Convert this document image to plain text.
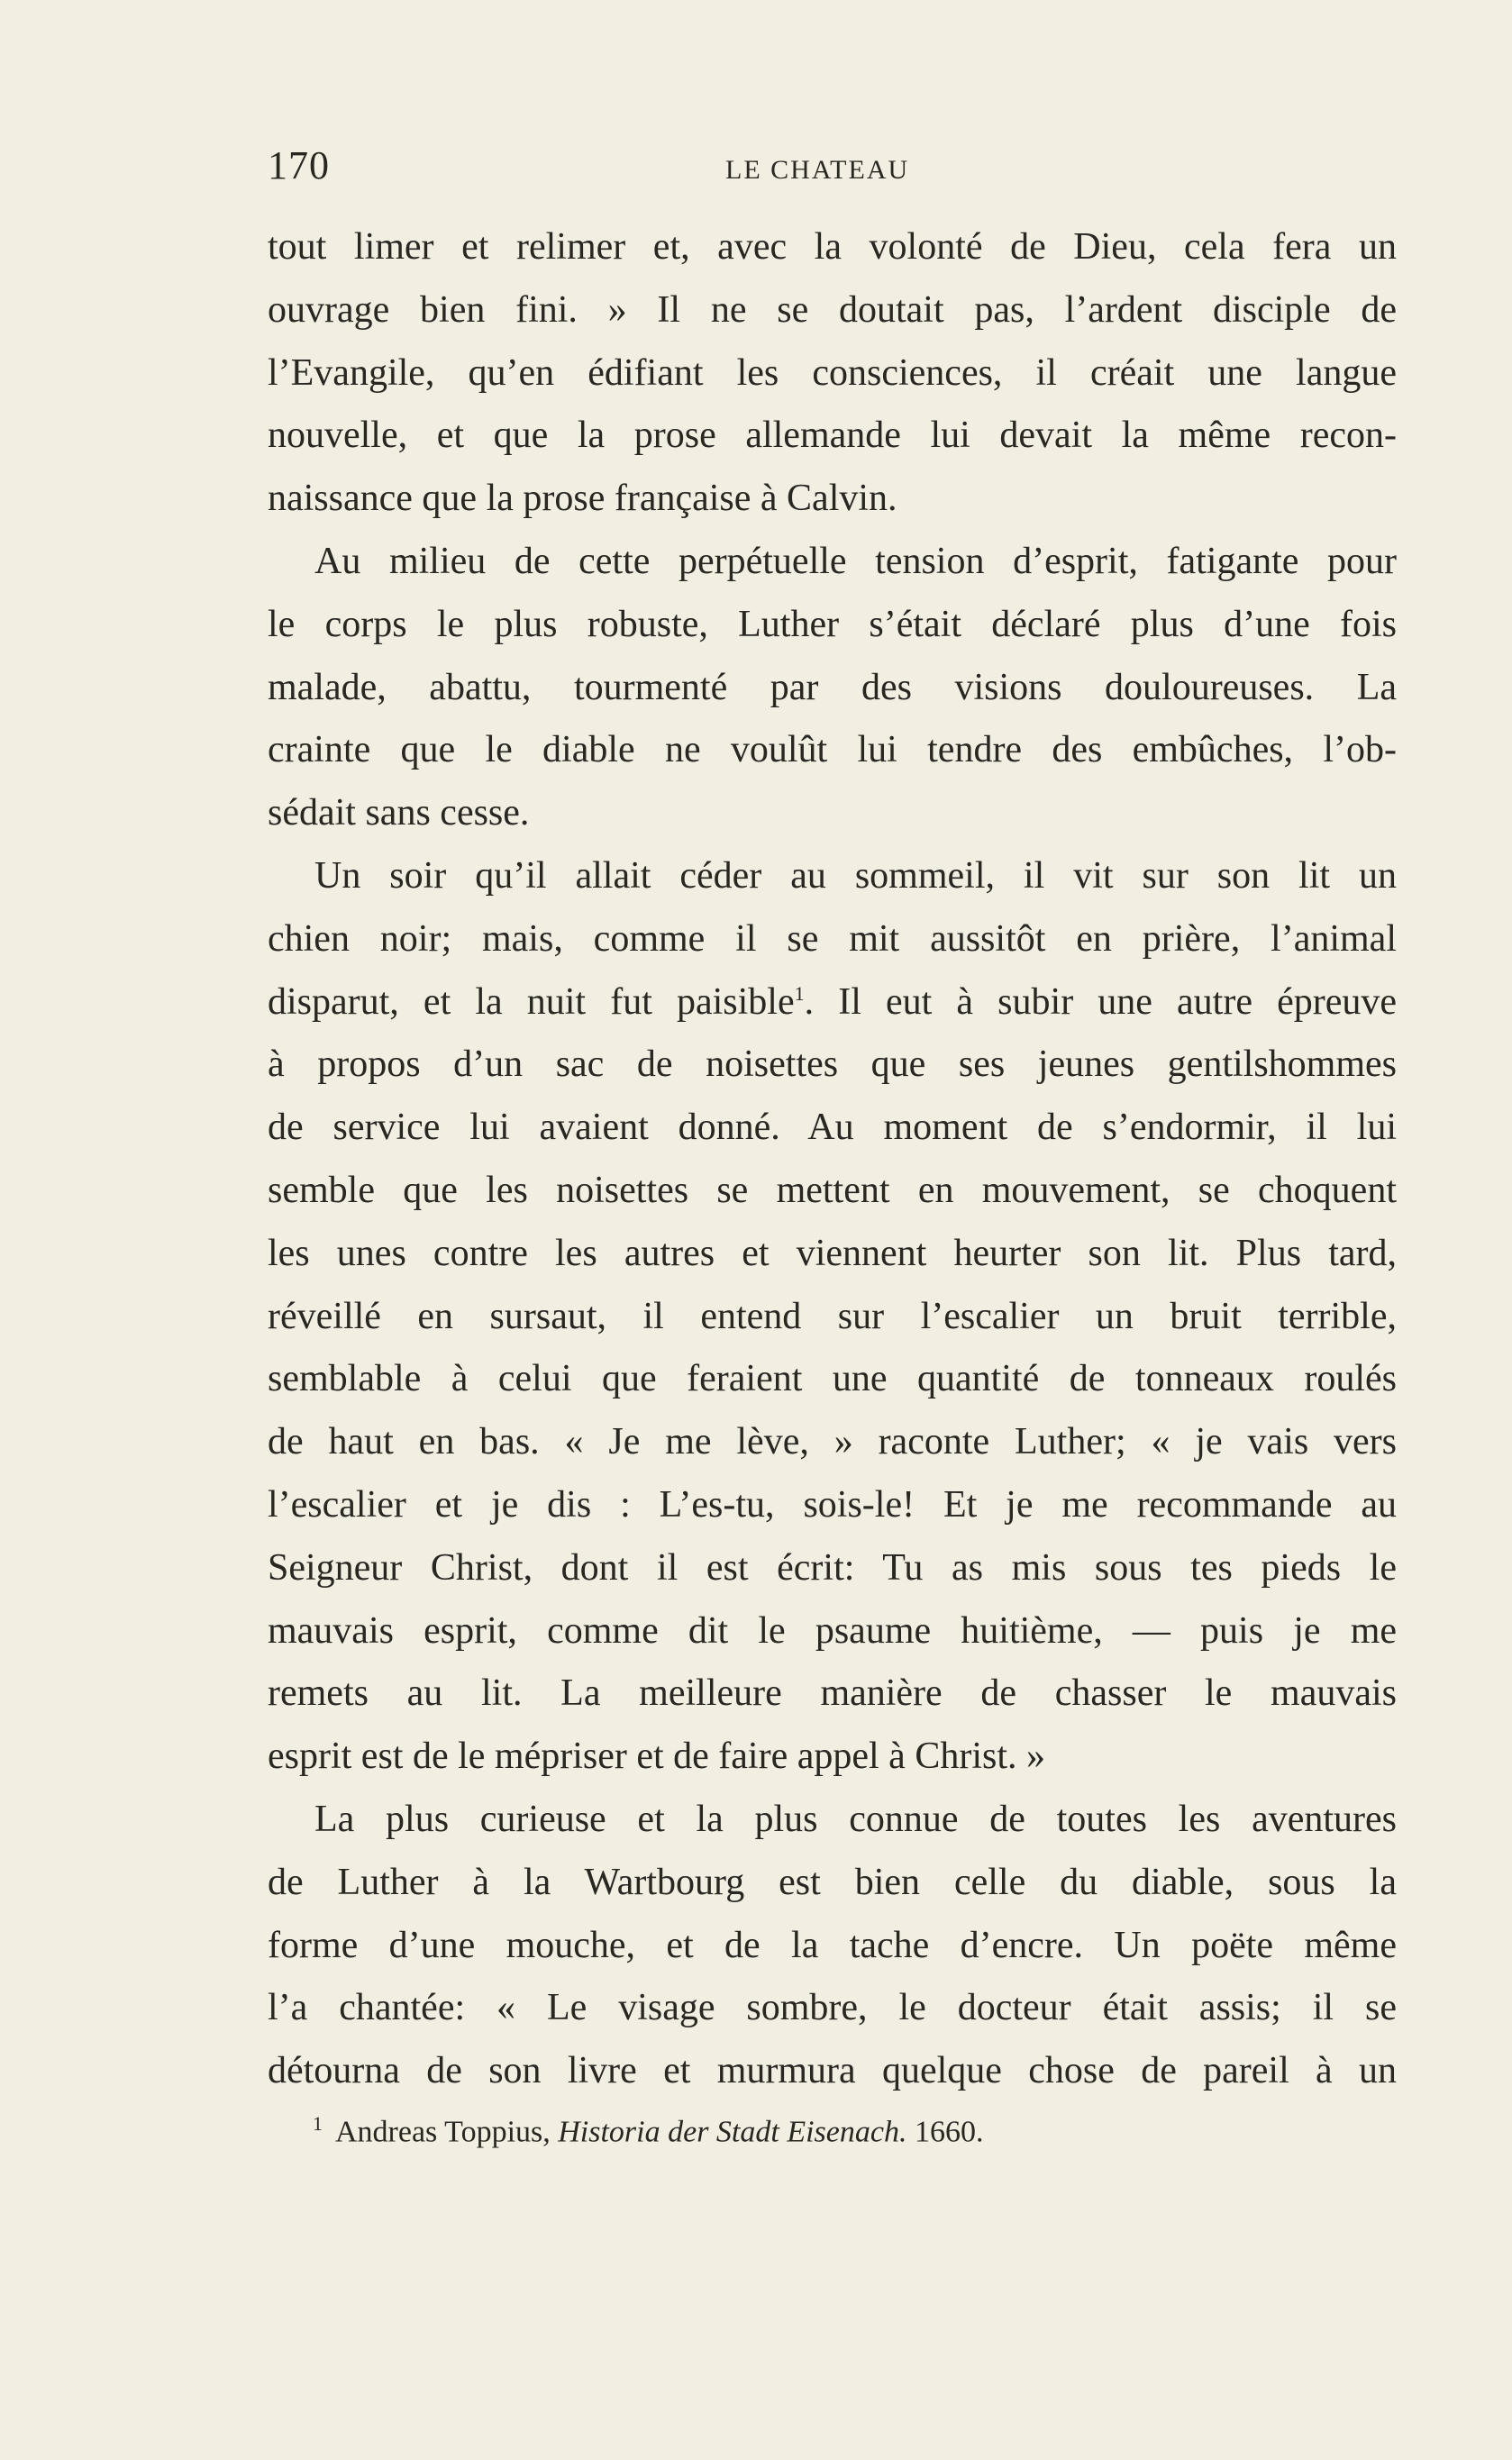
170	LE CHATEAU
tout limer et relimer et, avec la volonté de Dieu, cela fera un
ouvrage bien fini. » Il ne se doutait pas, l’ardent disciple de
l’Evangile, qu’en édifiant les consciences, il créait une langue
nouvelle, et que la prose allemande lui devait la même recon-
naissance que la prose française à Calvin.
Au milieu de cette perpétuelle tension d’esprit, fatigante pour
le corps le plus robuste, Luther s’était déclaré plus d’une fois
malade, abattu, tourmenté par des visions douloureuses. La
crainte que le diable ne voulût lui tendre des embûches, l’ob-
sédait sans cesse.
Un soir qu’il allait céder au sommeil, il vit sur son lit un
chien noir; mais, comme il se mit aussitôt en prière, l’animal
disparut, et la nuit fut paisible$^1$. Il eut à subir une autre épreuve
à propos d’un sac de noisettes que ses jeunes gentilshommes
de service lui avaient donné. Au moment de s’endormir, il lui
semble que les noisettes se mettent en mouvement, se choquent
les unes contre les autres et viennent heurter son lit. Plus tard,
réveillé en sursaut, il entend sur l’escalier un bruit terrible,
semblable à celui que feraient une quantité de tonneaux roulés
de haut en bas. « Je me lève, » raconte Luther; « je vais vers
l’escalier et je dis : L’es-tu, sois-le! Et je me recommande au
Seigneur Christ, dont il est écrit: Tu as mis sous tes pieds le
mauvais esprit, comme dit le psaume huitième, — puis je me
remets au lit. La meilleure manière de chasser le mauvais
esprit est de le mépriser et de faire appel à Christ. »
La plus curieuse et la plus connue de toutes les aventures
de Luther à la Wartbourg est bien celle du diable, sous la
forme d’une mouche, et de la tache d’encre. Un poëte même
l’a chantée: « Le visage sombre, le docteur était assis; il se
détourna de son livre et murmura quelque chose de pareil à un
$^1$ Andreas Toppius, Historia der Stadt Eisenach. 1660.
